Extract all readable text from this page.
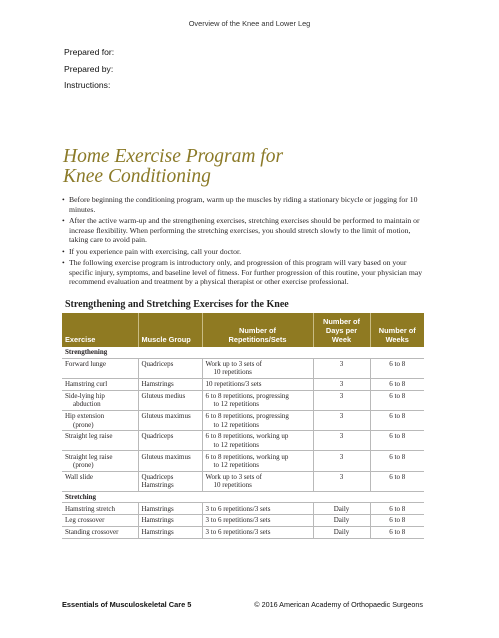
Overview of the Knee and Lower Leg
Prepared for:
Prepared by:
Instructions:
Home Exercise Program for
Knee Conditioning
• Before beginning the conditioning program, warm up the muscles by riding a stationary bicycle or jogging for 10 minutes.
• After the active warm-up and the strengthening exercises, stretching exercises should be performed to maintain or increase flexibility. When performing the stretching exercises, you should stretch slowly to the limit of motion, taking care to avoid pain.
• If you experience pain with exercising, call your doctor.
• The following exercise program is introductory only, and progression of this program will vary based on your specific injury, symptoms, and baseline level of fitness. For further progression of this routine, your physician may recommend evaluation and treatment by a physical therapist or other exercise professional.
Strengthening and Stretching Exercises for the Knee
Exercise	Muscle Group	Number of
Repetitions/Sets	Number of
Days per
Week	Number of
Weeks
Strengthening				
Forward lunge	Quadriceps	Work up to 3 sets of
10 repetitions	3	6 to 8
Hamstring curl	Hamstrings	10 repetitions/3 sets	3	6 to 8
Side-lying hip
abduction	Gluteus medius	6 to 8 repetitions, progressing
to 12 repetitions	3	6 to 8
Hip extension
(prone)	Gluteus maximus	6 to 8 repetitions, progressing
to 12 repetitions	3	6 to 8
Straight leg raise	Quadriceps	6 to 8 repetitions, working up
to 12 repetitions	3	6 to 8
Straight leg raise
(prone)	Gluteus maximus	6 to 8 repetitions, working up
to 12 repetitions	3	6 to 8
Wall slide	Quadriceps
Hamstrings	Work up to 3 sets of
10 repetitions	3	6 to 8
Stretching				
Hamstring stretch	Hamstrings	3 to 6 repetitions/3 sets	Daily	6 to 8
Leg crossover	Hamstrings	3 to 6 repetitions/3 sets	Daily	6 to 8
Standing crossover	Hamstrings	3 to 6 repetitions/3 sets	Daily	6 to 8
Essentials of Musculoskeletal Care 5	© 2016 American Academy of Orthopaedic Surgeons
